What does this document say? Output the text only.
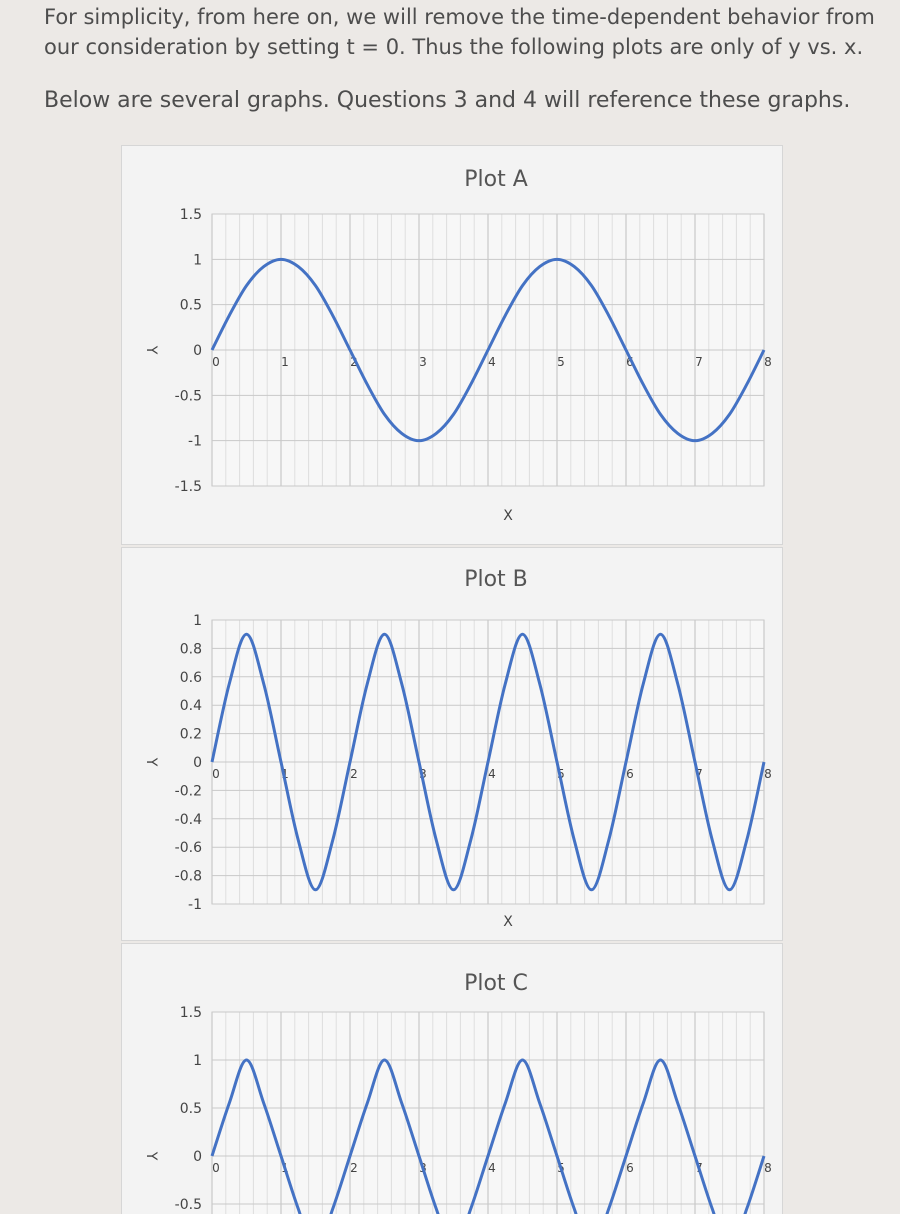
For simplicity, from here on, we will remove the time-dependent behavior from
our consideration by setting t = 0. Thus the following plots are only of y vs. x.
Below are several graphs. Questions 3 and 4 will reference these graphs.
Plot A
1.5
1
0.5
0
-0.5
-1
-1.5
Y
0	1	2	3	4	5	6	7	8
X
Plot B
1
0.8
0.6
0.4
0.2
0
-0.2
-0.4
-0.6
-0.8
-1
Y
0	1	2	3	4	5	6	7	8
X
Plot C
1.5
1
0.5
0
-0.5
Y
0	1	2	3	4	5	6	7	8
